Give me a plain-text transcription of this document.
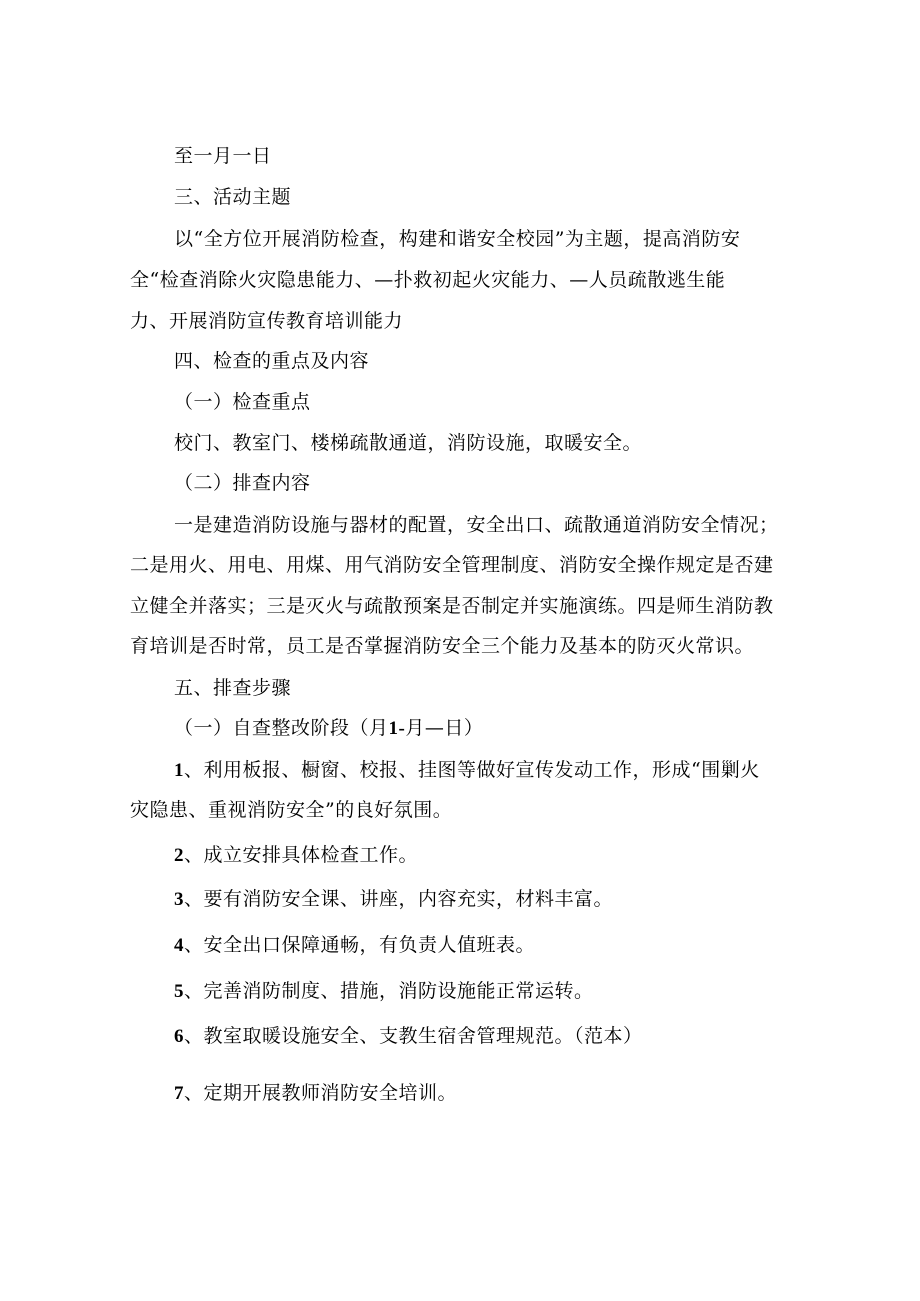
至一月一日
三、活动主题
以“全方位开展消防检查，构建和谐安全校园”为主题，提高消防安
全“检查消除火灾隐患能力、—扑救初起火灾能力、—人员疏散逃生能
力、开展消防宣传教育培训能力
四、检查的重点及内容
（一）检查重点
校门、教室门、楼梯疏散通道，消防设施，取暖安全。
（二）排查内容
一是建造消防设施与器材的配置，安全出口、疏散通道消防安全情况；
二是用火、用电、用煤、用气消防安全管理制度、消防安全操作规定是否建
立健全并落实；三是灭火与疏散预案是否制定并实施演练。四是师生消防教
育培训是否时常，员工是否掌握消防安全三个能力及基本的防灭火常识。
五、排查步骤
（一）自查整改阶段（月1-月—日）
1、利用板报、橱窗、校报、挂图等做好宣传发动工作，形成“围剿火
灾隐患、重视消防安全”的良好氛围。
2、成立安排具体检查工作。
3、要有消防安全课、讲座，内容充实，材料丰富。
4、安全出口保障通畅，有负责人值班表。
5、完善消防制度、措施，消防设施能正常运转。
6、教室取暖设施安全、支教生宿舍管理规范。（范本）
7、定期开展教师消防安全培训。
